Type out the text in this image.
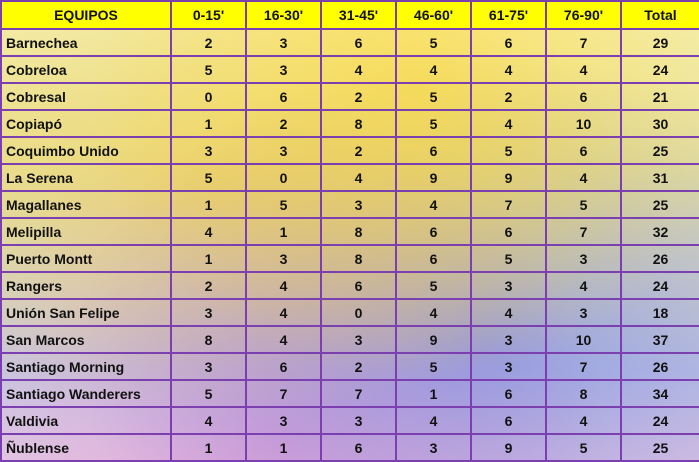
EQUIPOS	0-15'	16-30'	31-45'	46-60'	61-75'	76-90'	Total
Barnechea	2	3	6	5	6	7	29
Cobreloa	5	3	4	4	4	4	24
Cobresal	0	6	2	5	2	6	21
Copiapó	1	2	8	5	4	10	30
Coquimbo Unido	3	3	2	6	5	6	25
La Serena	5	0	4	9	9	4	31
Magallanes	1	5	3	4	7	5	25
Melipilla	4	1	8	6	6	7	32
Puerto Montt	1	3	8	6	5	3	26
Rangers	2	4	6	5	3	4	24
Unión San Felipe	3	4	0	4	4	3	18
San Marcos	8	4	3	9	3	10	37
Santiago Morning	3	6	2	5	3	7	26
Santiago Wanderers	5	7	7	1	6	8	34
Valdivia	4	3	3	4	6	4	24
Ñublense	1	1	6	3	9	5	25
